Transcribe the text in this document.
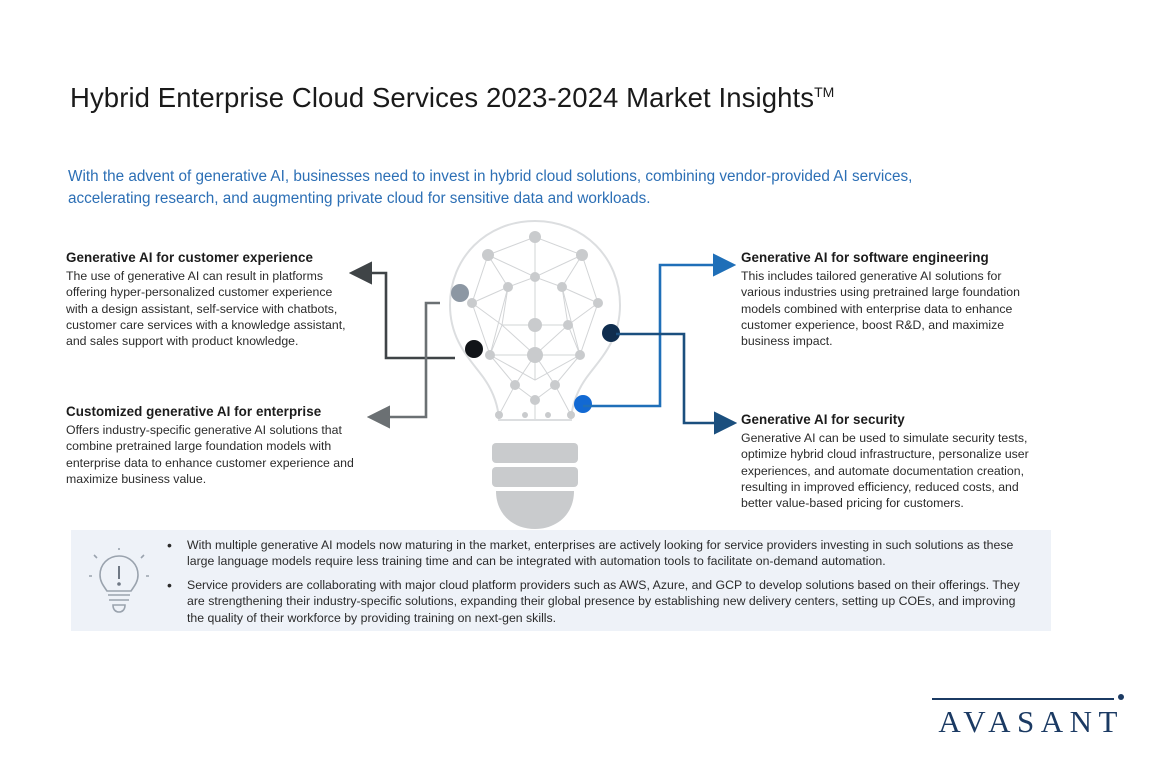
Hybrid Enterprise Cloud Services 2023-2024 Market Insights™
With the advent of generative AI, businesses need to invest in hybrid cloud solutions, combining vendor-provided AI services, accelerating research, and augmenting private cloud for sensitive data and workloads.
Generative AI for customer experience

The use of generative AI can result in platforms offering hyper-personalized customer experience with a design assistant, self-service with chatbots, customer care services with a knowledge assistant, and sales support with product knowledge.

Customized generative AI for enterprise

Offers industry-specific generative AI solutions that combine pretrained large foundation models with enterprise data to enhance customer experience and maximize business value.

Generative AI for software engineering

This includes tailored generative AI solutions for various industries using pretrained large foundation models combined with enterprise data to enhance customer experience, boost R&D, and maximize business impact.

Generative AI for security

Generative AI can be used to simulate security tests, optimize hybrid cloud infrastructure, personalize user experiences, and automate documentation creation, resulting in improved efficiency, reduced costs, and better value-based pricing for customers.

• With multiple generative AI models now maturing in the market, enterprises are actively looking for service providers investing in such solutions as these large language models require less training time and can be integrated with automation tools to facilitate on-demand automation.
• Service providers are collaborating with major cloud platform providers such as AWS, Azure, and GCP to develop solutions based on their offerings. They are strengthening their industry-specific solutions, expanding their global presence by establishing new delivery centers, setting up COEs, and improving the quality of their workforce by providing training on next-gen skills.
AVASANT
